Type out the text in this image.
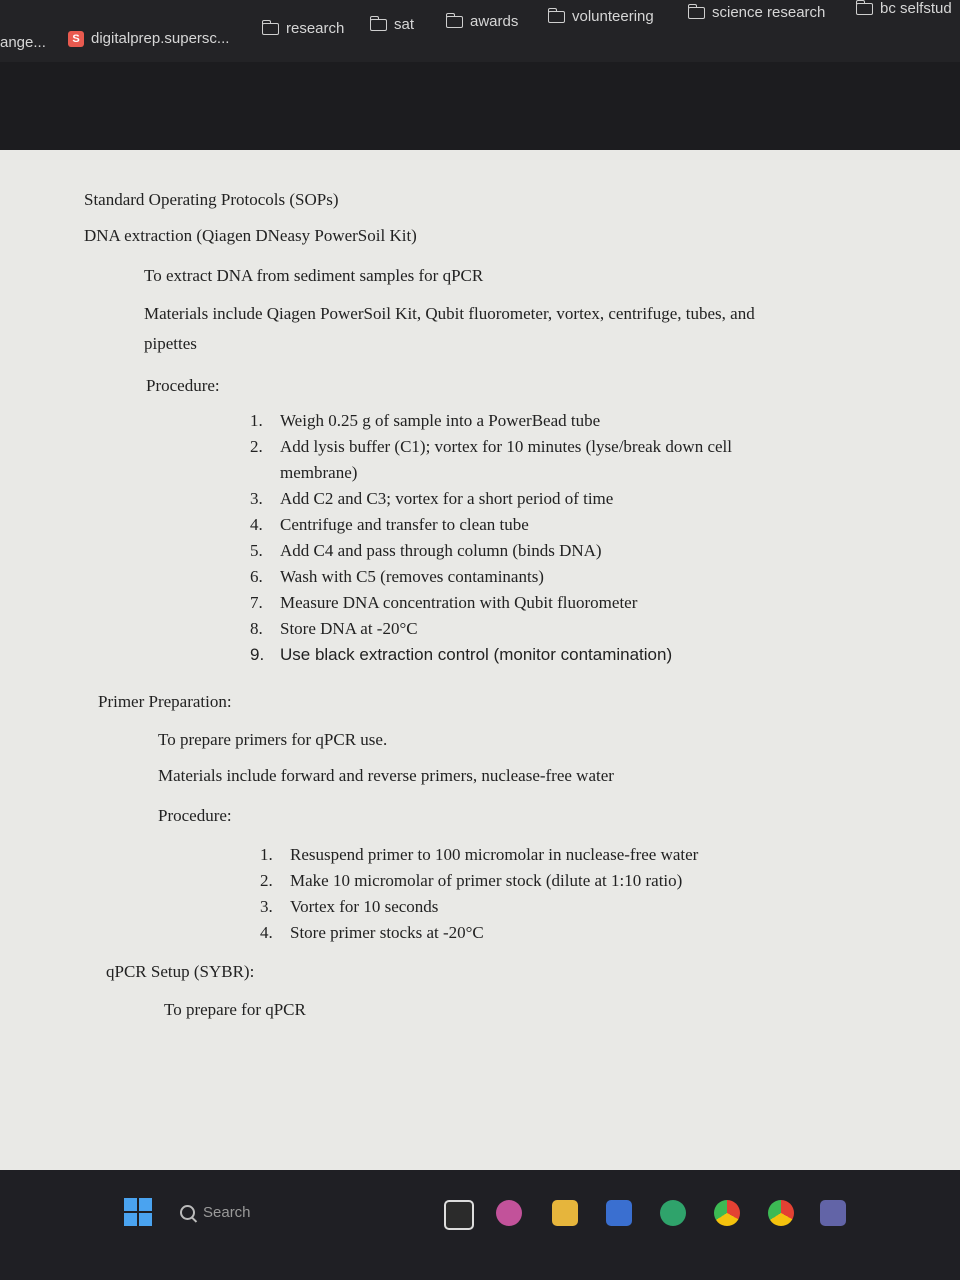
ange...	S digitalprep.supersc...
research	sat	awards	volunteering	science research	bc selfstud
Standard Operating Protocols (SOPs)
DNA extraction (Qiagen DNeasy PowerSoil Kit)
To extract DNA from sediment samples for qPCR
Materials include Qiagen PowerSoil Kit, Qubit fluorometer, vortex, centrifuge, tubes, and
pipettes
Procedure:
1. Weigh 0.25 g of sample into a PowerBead tube
2. Add lysis buffer (C1); vortex for 10 minutes (lyse/break down cell
membrane)
3. Add C2 and C3; vortex for a short period of time
4. Centrifuge and transfer to clean tube
5. Add C4 and pass through column (binds DNA)
6. Wash with C5 (removes contaminants)
7. Measure DNA concentration with Qubit fluorometer
8. Store DNA at -20°C
9. Use black extraction control (monitor contamination)
Primer Preparation:
To prepare primers for qPCR use.
Materials include forward and reverse primers, nuclease-free water
Procedure:
1. Resuspend primer to 100 micromolar in nuclease-free water
2. Make 10 micromolar of primer stock (dilute at 1:10 ratio)
3. Vortex for 10 seconds
4. Store primer stocks at -20°C
qPCR Setup (SYBR):
To prepare for qPCR
Search
